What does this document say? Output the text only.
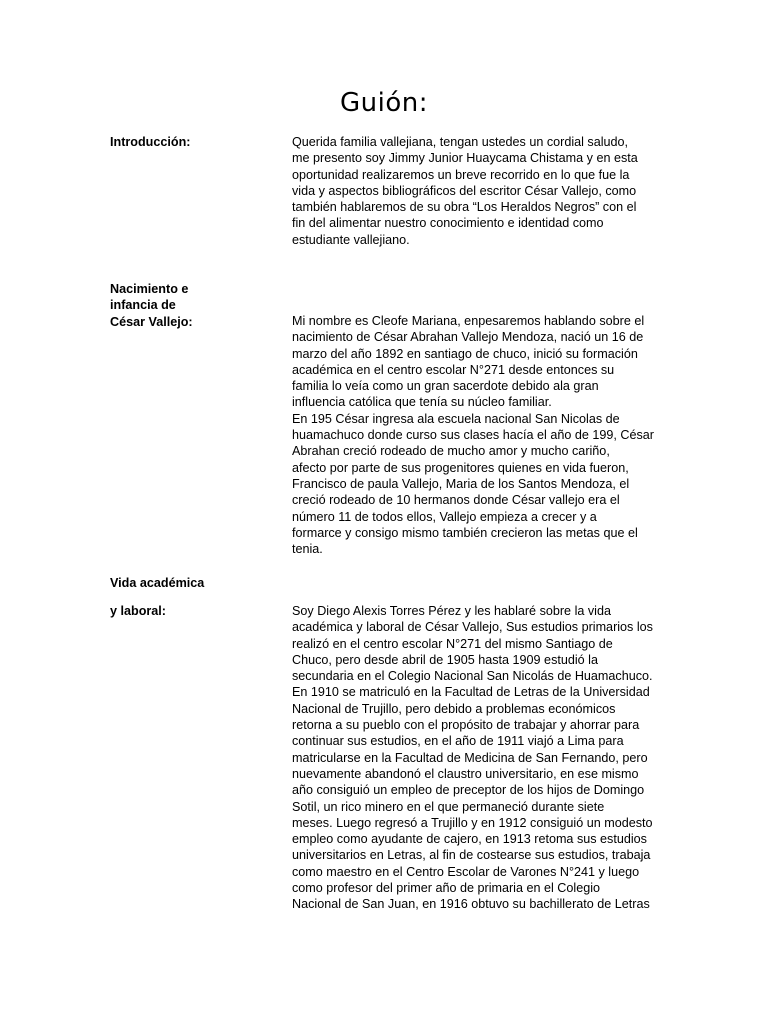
Guión:
Introducción:	Querida familia vallejiana, tengan ustedes un cordial saludo,
me presento soy Jimmy Junior Huaycama Chistama y en esta
oportunidad realizaremos un breve recorrido en lo que fue la
vida y aspectos bibliográficos del escritor César Vallejo, como
también hablaremos de su obra “Los Heraldos Negros” con el
fin del alimentar nuestro conocimiento e identidad como
estudiante vallejiano.
Nacimiento e
infancia de
César Vallejo:	Mi nombre es Cleofe Mariana, enpesaremos hablando sobre el
nacimiento de César Abrahan Vallejo Mendoza, nació un 16 de
marzo del año 1892 en santiago de chuco, inició su formación
académica en el centro escolar N°271 desde entonces su
familia lo veía como un gran sacerdote debido ala gran
influencia católica que tenía su núcleo familiar.
En 195 César ingresa ala escuela nacional San Nicolas de
huamachuco donde curso sus clases hacía el año de 199, César
Abrahan creció rodeado de mucho amor y mucho cariño,
afecto por parte de sus progenitores quienes en vida fueron,
Francisco de paula Vallejo, Maria de los Santos Mendoza, el
creció rodeado de 10 hermanos donde César vallejo era el
número 11 de todos ellos, Vallejo empieza a crecer y a
formarce y consigo mismo también crecieron las metas que el
tenia.
Vida académica
y laboral:	Soy Diego Alexis Torres Pérez y les hablaré sobre la vida
académica y laboral de César Vallejo, Sus estudios primarios los
realizó en el centro escolar N°271 del mismo Santiago de
Chuco, pero desde abril de 1905 hasta 1909 estudió la
secundaria en el Colegio Nacional San Nicolás de Huamachuco.
En 1910 se matriculó en la Facultad de Letras de la Universidad
Nacional de Trujillo, pero debido a problemas económicos
retorna a su pueblo con el propósito de trabajar y ahorrar para
continuar sus estudios, en el año de 1911 viajó a Lima para
matricularse en la Facultad de Medicina de San Fernando, pero
nuevamente abandonó el claustro universitario, en ese mismo
año consiguió un empleo de preceptor de los hijos de Domingo
Sotil, un rico minero en el que permaneció durante siete
meses. Luego regresó a Trujillo y en 1912 consiguió un modesto
empleo como ayudante de cajero, en 1913 retoma sus estudios
universitarios en Letras, al fin de costearse sus estudios, trabaja
como maestro en el Centro Escolar de Varones N°241 y luego
como profesor del primer año de primaria en el Colegio
Nacional de San Juan, en 1916 obtuvo su bachillerato de Letras
